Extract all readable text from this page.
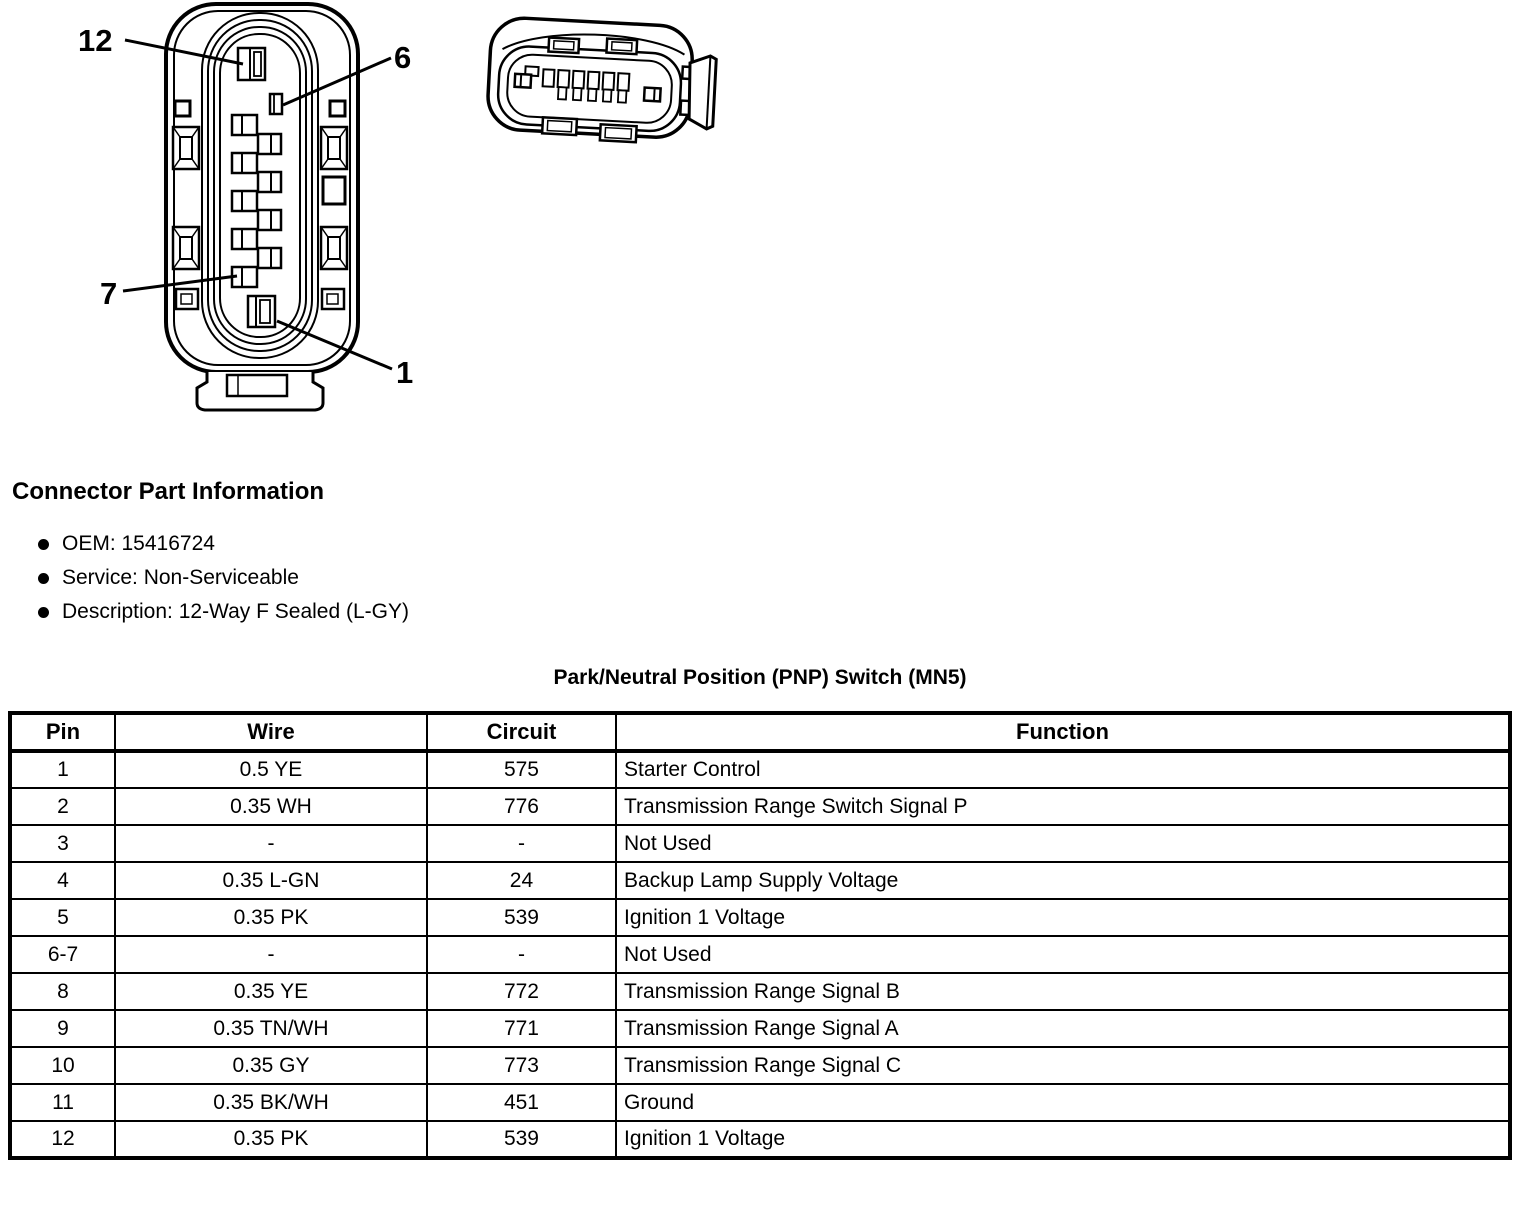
12	6
7
1
Connector Part Information
OEM: 15416724
Service: Non-Serviceable
Description: 12-Way F Sealed (L-GY)
Park/Neutral Position (PNP) Switch (MN5)
Pin	Wire	Circuit	Function
1	0.5 YE	575	Starter Control
2	0.35 WH	776	Transmission Range Switch Signal P
3	-	-	Not Used
4	0.35 L-GN	24	Backup Lamp Supply Voltage
5	0.35 PK	539	Ignition 1 Voltage
6-7	-	-	Not Used
8	0.35 YE	772	Transmission Range Signal B
9	0.35 TN/WH	771	Transmission Range Signal A
10	0.35 GY	773	Transmission Range Signal C
11	0.35 BK/WH	451	Ground
12	0.35 PK	539	Ignition 1 Voltage
